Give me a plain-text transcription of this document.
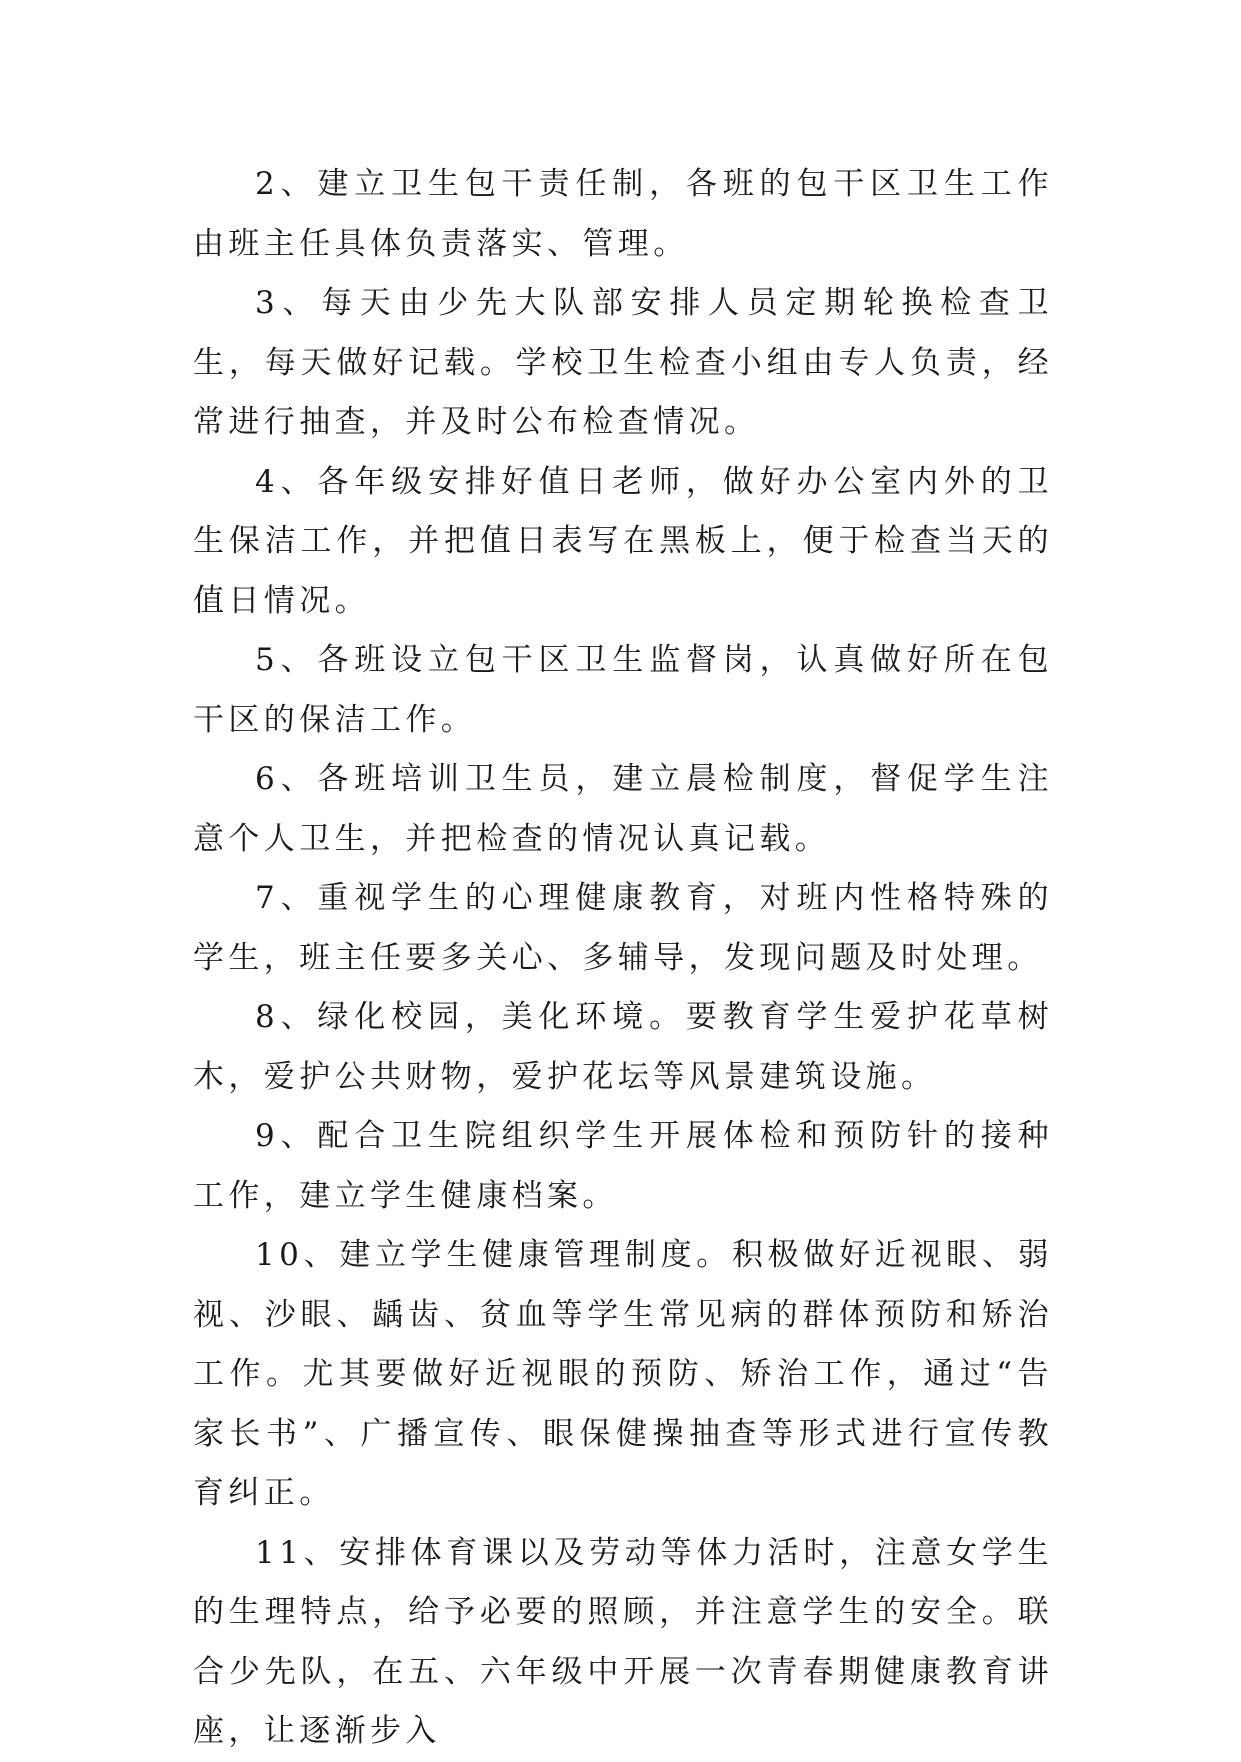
2、建立卫生包干责任制，各班的包干区卫生工作由班主任具体负责落实、管理。

3、每天由少先大队部安排人员定期轮换检查卫生，每天做好记载。学校卫生检查小组由专人负责，经常进行抽查，并及时公布检查情况。

4、各年级安排好值日老师，做好办公室内外的卫生保洁工作，并把值日表写在黑板上，便于检查当天的值日情况。

5、各班设立包干区卫生监督岗，认真做好所在包干区的保洁工作。

6、各班培训卫生员，建立晨检制度，督促学生注意个人卫生，并把检查的情况认真记载。

7、重视学生的心理健康教育，对班内性格特殊的学生，班主任要多关心、多辅导，发现问题及时处理。

8、绿化校园，美化环境。要教育学生爱护花草树木，爱护公共财物，爱护花坛等风景建筑设施。

9、配合卫生院组织学生开展体检和预防针的接种工作，建立学生健康档案。

10、建立学生健康管理制度。积极做好近视眼、弱视、沙眼、龋齿、贫血等学生常见病的群体预防和矫治工作。尤其要做好近视眼的预防、矫治工作，通过“告家长书”、广播宣传、眼保健操抽查等形式进行宣传教育纠正。

11、安排体育课以及劳动等体力活时，注意女学生的生理特点，给予必要的照顾，并注意学生的安全。联合少先队，在五、六年级中开展一次青春期健康教育讲座，让逐渐步入
